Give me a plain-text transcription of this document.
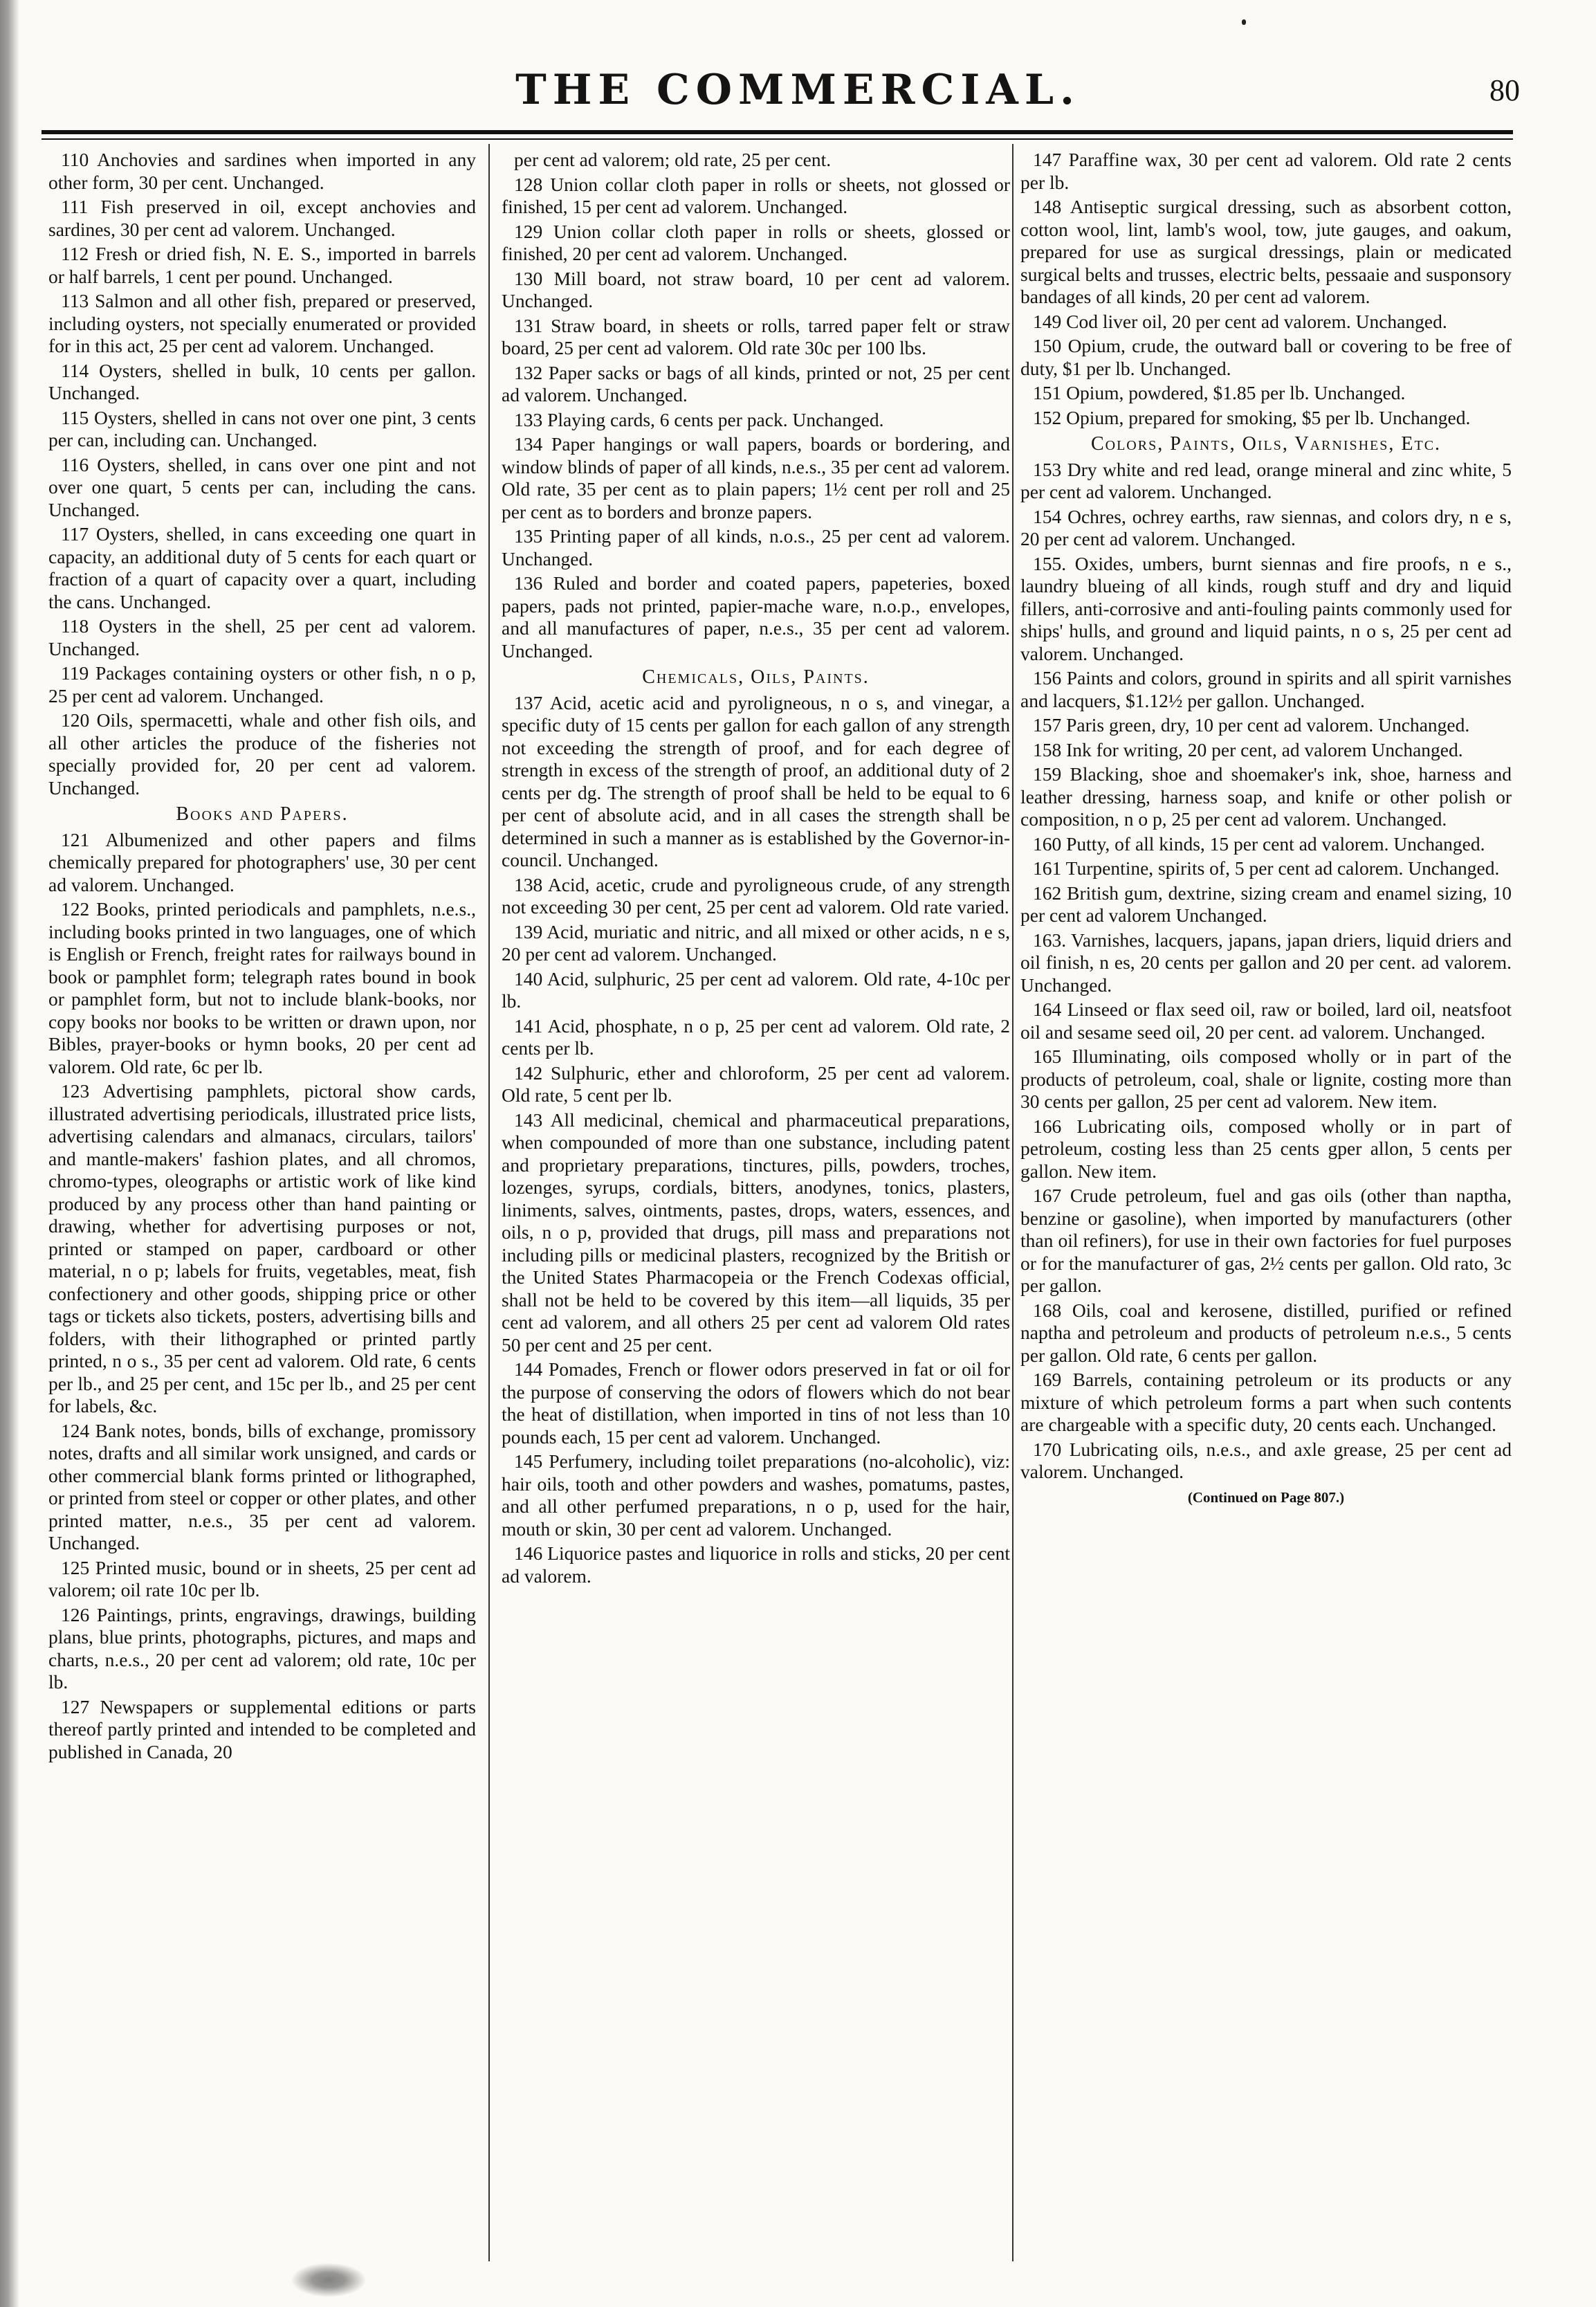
THE COMMERCIAL.	80

110 Anchovies and sardines when imported in any other form, 30 per cent. Unchanged.

111 Fish preserved in oil, except anchovies and sardines, 30 per cent ad valorem. Unchanged.

112 Fresh or dried fish, N. E. S., imported in barrels or half barrels, 1 cent per pound. Unchanged.

113 Salmon and all other fish, prepared or preserved, including oysters, not specially enumerated or provided for in this act, 25 per cent ad valorem. Unchanged.

114 Oysters, shelled in bulk, 10 cents per gallon. Unchanged.

115 Oysters, shelled in cans not over one pint, 3 cents per can, including can. Unchanged.

116 Oysters, shelled, in cans over one pint and not over one quart, 5 cents per can, including the cans. Unchanged.

117 Oysters, shelled, in cans exceeding one quart in capacity, an additional duty of 5 cents for each quart or fraction of a quart of capacity over a quart, including the cans. Unchanged.

118 Oysters in the shell, 25 per cent ad valorem. Unchanged.

119 Packages containing oysters or other fish, n o p, 25 per cent ad valorem. Unchanged.

120 Oils, spermacetti, whale and other fish oils, and all other articles the produce of the fisheries not specially provided for, 20 per cent ad valorem. Unchanged.

Books and Papers.

121 Albumenized and other papers and films chemically prepared for photographers' use, 30 per cent ad valorem. Unchanged.

122 Books, printed periodicals and pamphlets, n.e.s., including books printed in two languages, one of which is English or French, freight rates for railways bound in book or pamphlet form; telegraph rates bound in book or pamphlet form, but not to include blank-books, nor copy books nor books to be written or drawn upon, nor Bibles, prayer-books or hymn books, 20 per cent ad valorem. Old rate, 6c per lb.

123 Advertising pamphlets, pictoral show cards, illustrated advertising periodicals, illustrated price lists, advertising calendars and almanacs, circulars, tailors' and mantle-makers' fashion plates, and all chromos, chromo-types, oleographs or artistic work of like kind produced by any process other than hand painting or drawing, whether for advertising purposes or not, printed or stamped on paper, cardboard or other material, n o p; labels for fruits, vegetables, meat, fish confectionery and other goods, shipping price or other tags or tickets also tickets, posters, advertising bills and folders, with their lithographed or printed partly printed, n o s., 35 per cent ad valorem. Old rate, 6 cents per lb., and 25 per cent, and 15c per lb., and 25 per cent for labels, &c.

124 Bank notes, bonds, bills of exchange, promissory notes, drafts and all similar work unsigned, and cards or other commercial blank forms printed or lithographed, or printed from steel or copper or other plates, and other printed matter, n.e.s., 35 per cent ad valorem. Unchanged.

125 Printed music, bound or in sheets, 25 per cent ad valorem; oil rate 10c per lb.

126 Paintings, prints, engravings, drawings, building plans, blue prints, photographs, pictures, and maps and charts, n.e.s., 20 per cent ad valorem; old rate, 10c per lb.

127 Newspapers or supplemental editions or parts thereof partly printed and intended to be completed and published in Canada, 20

per cent ad valorem; old rate, 25 per cent.

128 Union collar cloth paper in rolls or sheets, not glossed or finished, 15 per cent ad valorem. Unchanged.

129 Union collar cloth paper in rolls or sheets, glossed or finished, 20 per cent ad valorem. Unchanged.

130 Mill board, not straw board, 10 per cent ad valorem. Unchanged.

131 Straw board, in sheets or rolls, tarred paper felt or straw board, 25 per cent ad valorem. Old rate 30c per 100 lbs.

132 Paper sacks or bags of all kinds, printed or not, 25 per cent ad valorem. Unchanged.

133 Playing cards, 6 cents per pack. Unchanged.

134 Paper hangings or wall papers, boards or bordering, and window blinds of paper of all kinds, n.e.s., 35 per cent ad valorem. Old rate, 35 per cent as to plain papers; 1½ cent per roll and 25 per cent as to borders and bronze papers.

135 Printing paper of all kinds, n.o.s., 25 per cent ad valorem. Unchanged.

136 Ruled and border and coated papers, papeteries, boxed papers, pads not printed, papier-mache ware, n.o.p., envelopes, and all manufactures of paper, n.e.s., 35 per cent ad valorem. Unchanged.

Chemicals, Oils, Paints.

137 Acid, acetic acid and pyroligneous, n o s, and vinegar, a specific duty of 15 cents per gallon for each gallon of any strength not exceeding the strength of proof, and for each degree of strength in excess of the strength of proof, an additional duty of 2 cents per dg. The strength of proof shall be held to be equal to 6 per cent of absolute acid, and in all cases the strength shall be determined in such a manner as is established by the Governor-in-council. Unchanged.

138 Acid, acetic, crude and pyroligneous crude, of any strength not exceeding 30 per cent, 25 per cent ad valorem. Old rate varied.

139 Acid, muriatic and nitric, and all mixed or other acids, n e s, 20 per cent ad valorem. Unchanged.

140 Acid, sulphuric, 25 per cent ad valorem. Old rate, 4-10c per lb.

141 Acid, phosphate, n o p, 25 per cent ad valorem. Old rate, 2 cents per lb.

142 Sulphuric, ether and chloroform, 25 per cent ad valorem. Old rate, 5 cent per lb.

143 All medicinal, chemical and pharmaceutical preparations, when compounded of more than one substance, including patent and proprietary preparations, tinctures, pills, powders, troches, lozenges, syrups, cordials, bitters, anodynes, tonics, plasters, liniments, salves, ointments, pastes, drops, waters, essences, and oils, n o p, provided that drugs, pill mass and preparations not including pills or medicinal plasters, recognized by the British or the United States Pharmacopeia or the French Codexas official, shall not be held to be covered by this item—all liquids, 35 per cent ad valorem, and all others 25 per cent ad valorem Old rates 50 per cent and 25 per cent.

144 Pomades, French or flower odors preserved in fat or oil for the purpose of conserving the odors of flowers which do not bear the heat of distillation, when imported in tins of not less than 10 pounds each, 15 per cent ad valorem. Unchanged.

145 Perfumery, including toilet preparations (no-alcoholic), viz: hair oils, tooth and other powders and washes, pomatums, pastes, and all other perfumed preparations, n o p, used for the hair, mouth or skin, 30 per cent ad valorem. Unchanged.

146 Liquorice pastes and liquorice in rolls and sticks, 20 per cent ad valorem.

147 Paraffine wax, 30 per cent ad valorem. Old rate 2 cents per lb.

148 Antiseptic surgical dressing, such as absorbent cotton, cotton wool, lint, lamb's wool, tow, jute gauges, and oakum, prepared for use as surgical dressings, plain or medicated surgical belts and trusses, electric belts, pessaaie and susponsory bandages of all kinds, 20 per cent ad valorem.

149 Cod liver oil, 20 per cent ad valorem. Unchanged.

150 Opium, crude, the outward ball or covering to be free of duty, $1 per lb. Unchanged.

151 Opium, powdered, $1.85 per lb. Unchanged.

152 Opium, prepared for smoking, $5 per lb. Unchanged.

Colors, Paints, Oils, Varnishes, Etc.

153 Dry white and red lead, orange mineral and zinc white, 5 per cent ad valorem. Unchanged.

154 Ochres, ochrey earths, raw siennas, and colors dry, n e s, 20 per cent ad valorem. Unchanged.

155. Oxides, umbers, burnt siennas and fire proofs, n e s., laundry blueing of all kinds, rough stuff and dry and liquid fillers, anti-corrosive and anti-fouling paints commonly used for ships' hulls, and ground and liquid paints, n o s, 25 per cent ad valorem. Unchanged.

156 Paints and colors, ground in spirits and all spirit varnishes and lacquers, $1.12½ per gallon. Unchanged.

157 Paris green, dry, 10 per cent ad valorem. Unchanged.

158 Ink for writing, 20 per cent, ad valorem Unchanged.

159 Blacking, shoe and shoemaker's ink, shoe, harness and leather dressing, harness soap, and knife or other polish or composition, n o p, 25 per cent ad valorem. Unchanged.

160 Putty, of all kinds, 15 per cent ad valorem. Unchanged.

161 Turpentine, spirits of, 5 per cent ad calorem. Unchanged.

162 British gum, dextrine, sizing cream and enamel sizing, 10 per cent ad valorem Unchanged.

163. Varnishes, lacquers, japans, japan driers, liquid driers and oil finish, n es, 20 cents per gallon and 20 per cent. ad valorem. Unchanged.

164 Linseed or flax seed oil, raw or boiled, lard oil, neatsfoot oil and sesame seed oil, 20 per cent. ad valorem. Unchanged.

165 Illuminating, oils composed wholly or in part of the products of petroleum, coal, shale or lignite, costing more than 30 cents per gallon, 25 per cent ad valorem. New item.

166 Lubricating oils, composed wholly or in part of petroleum, costing less than 25 cents gper allon, 5 cents per gallon. New item.

167 Crude petroleum, fuel and gas oils (other than naptha, benzine or gasoline), when imported by manufacturers (other than oil refiners), for use in their own factories for fuel purposes or for the manufacturer of gas, 2½ cents per gallon. Old rato, 3c per gallon.

168 Oils, coal and kerosene, distilled, purified or refined naptha and petroleum and products of petroleum n.e.s., 5 cents per gallon. Old rate, 6 cents per gallon.

169 Barrels, containing petroleum or its products or any mixture of which petroleum forms a part when such contents are chargeable with a specific duty, 20 cents each. Unchanged.

170 Lubricating oils, n.e.s., and axle grease, 25 per cent ad valorem. Unchanged.

(Continued on Page 807.)
